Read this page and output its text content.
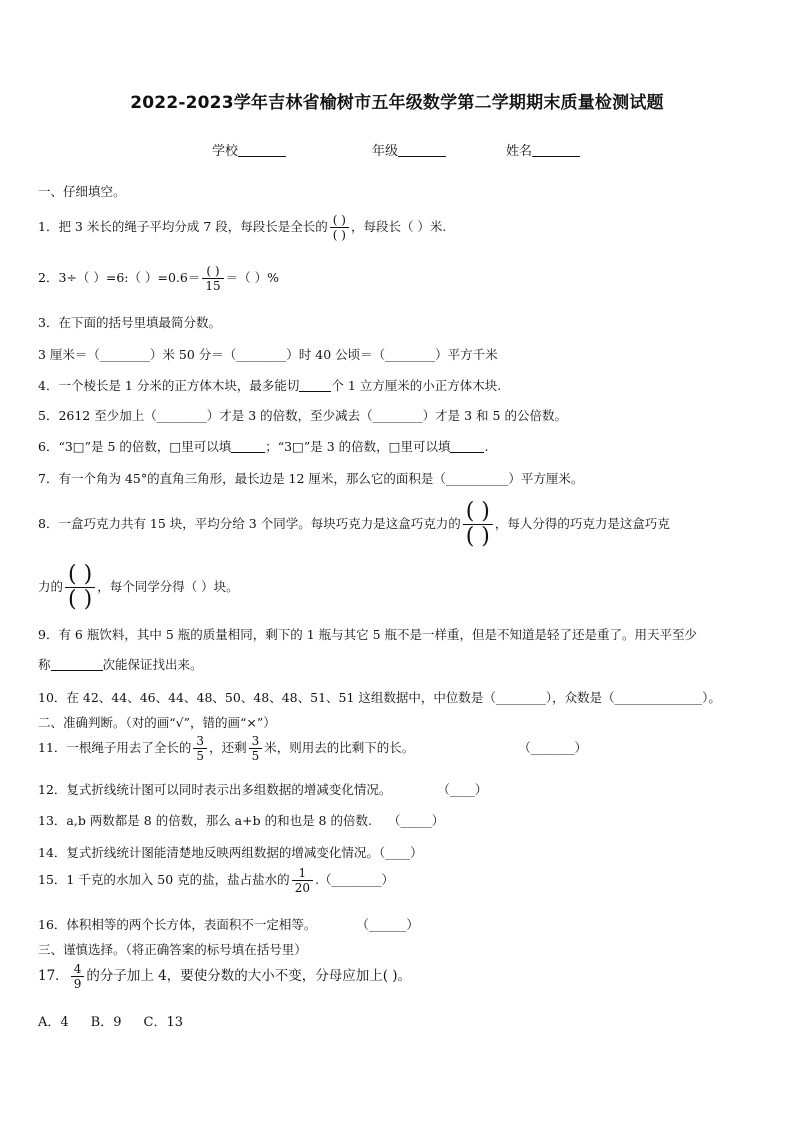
2022-2023学年吉林省榆树市五年级数学第二学期期末质量检测试题
学校	年级	姓名
一、仔细填空。
1．把 3 米长的绳子平均分成 7 段，每段长是全长的 $\frac{( )}{( )}$ ，每段长（ ）米.
2．3÷（ ）=6:（ ）$=0.6= \frac{( )}{15}$ ＝（ ）%
3．在下面的括号里填最简分数。
3 厘米＝（________）米 50 分＝（________）时 40 公顷＝（________）平方千米
4．一个棱长是 1 分米的正方体木块，最多能切	个 1 立方厘米的小正方体木块.
5．2612 至少加上（________）才是 3 的倍数，至少减去（________）才是 3 和 5 的公倍数。
6．“3□”是 5 的倍数，□里可以填	；“3□”是 3 的倍数，□里可以填	.
7．有一个角为 45°的直角三角形，最长边是 12 厘米，那么它的面积是（__________）平方厘米。
8．一盒巧克力共有 15 块，平均分给 3 个同学。每块巧克力是这盒巧克力的 $\frac{( )}{( )}$ ，每人分得的巧克力是这盒巧克
力的 $\frac{( )}{( )}$ ，每个同学分得（ ）块。
9．有 6 瓶饮料，其中 5 瓶的质量相同，剩下的 1 瓶与其它 5 瓶不是一样重，但是不知道是轻了还是重了。用天平至少
称	次能保证找出来。
10．在 42、44、46、44、48、50、48、48、51、51 这组数据中，中位数是（________），众数是（______________）。
二、准确判断。（对的画“√”，错的画“×”）
11．一根绳子用去了全长的 $\frac{3}{5}$ ，还剩 $\frac{3}{5}$ 米，则用去的比剩下的长。	（_______）
12．复式折线统计图可以同时表示出多组数据的增减变化情况。	（____）
13．a,b 两数都是 8 的倍数，那么 a+b 的和也是 8 的倍数. （_____）
14．复式折线统计图能清楚地反映两组数据的增减变化情况。（____）
15．1 千克的水加入 50 克的盐，盐占盐水的 $\frac{1}{20}$ .（________）
16．体积相等的两个长方体，表面积不一定相等。	（______）
三、谨慎选择。（将正确答案的标号填在括号里）
17． $\frac{4}{9}$ 的分子加上 4，要使分数的大小不变，分母应加上( )。
A．4 B．9 C．13
